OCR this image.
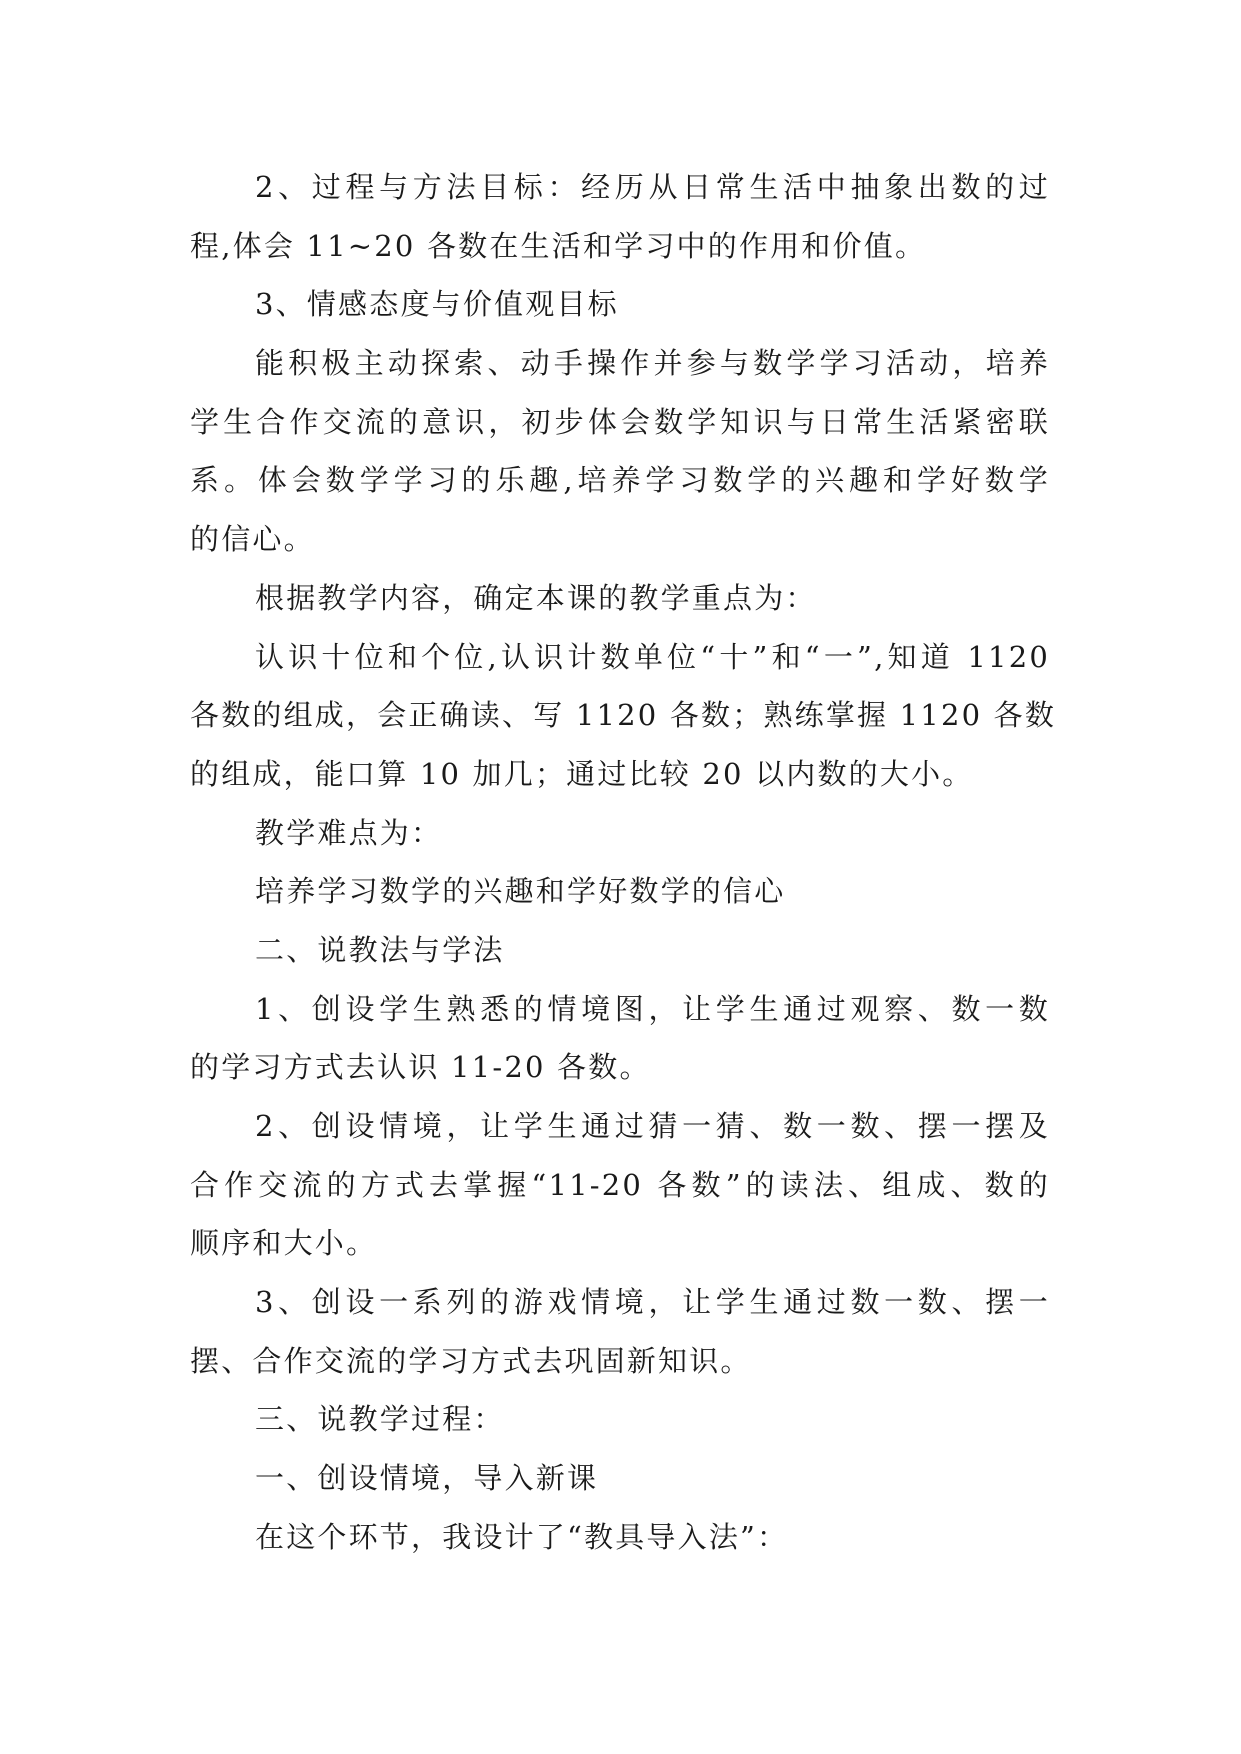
2、过程与方法目标：经历从日常生活中抽象出数的过
程,体会 11~20 各数在生活和学习中的作用和价值。
3、情感态度与价值观目标
能积极主动探索、动手操作并参与数学学习活动，培养
学生合作交流的意识，初步体会数学知识与日常生活紧密联
系。体会数学学习的乐趣,培养学习数学的兴趣和学好数学
的信心。
根据教学内容，确定本课的教学重点为：
认识十位和个位,认识计数单位“十”和“一”,知道 1120
各数的组成，会正确读、写 1120 各数；熟练掌握 1120 各数
的组成，能口算 10 加几；通过比较 20 以内数的大小。
教学难点为：
培养学习数学的兴趣和学好数学的信心
二、说教法与学法
1、创设学生熟悉的情境图，让学生通过观察、数一数
的学习方式去认识 11-20 各数。
2、创设情境，让学生通过猜一猜、数一数、摆一摆及
合作交流的方式去掌握“11-20 各数”的读法、组成、数的
顺序和大小。
3、创设一系列的游戏情境，让学生通过数一数、摆一
摆、合作交流的学习方式去巩固新知识。
三、说教学过程：
一、创设情境，导入新课
在这个环节，我设计了“教具导入法”：
